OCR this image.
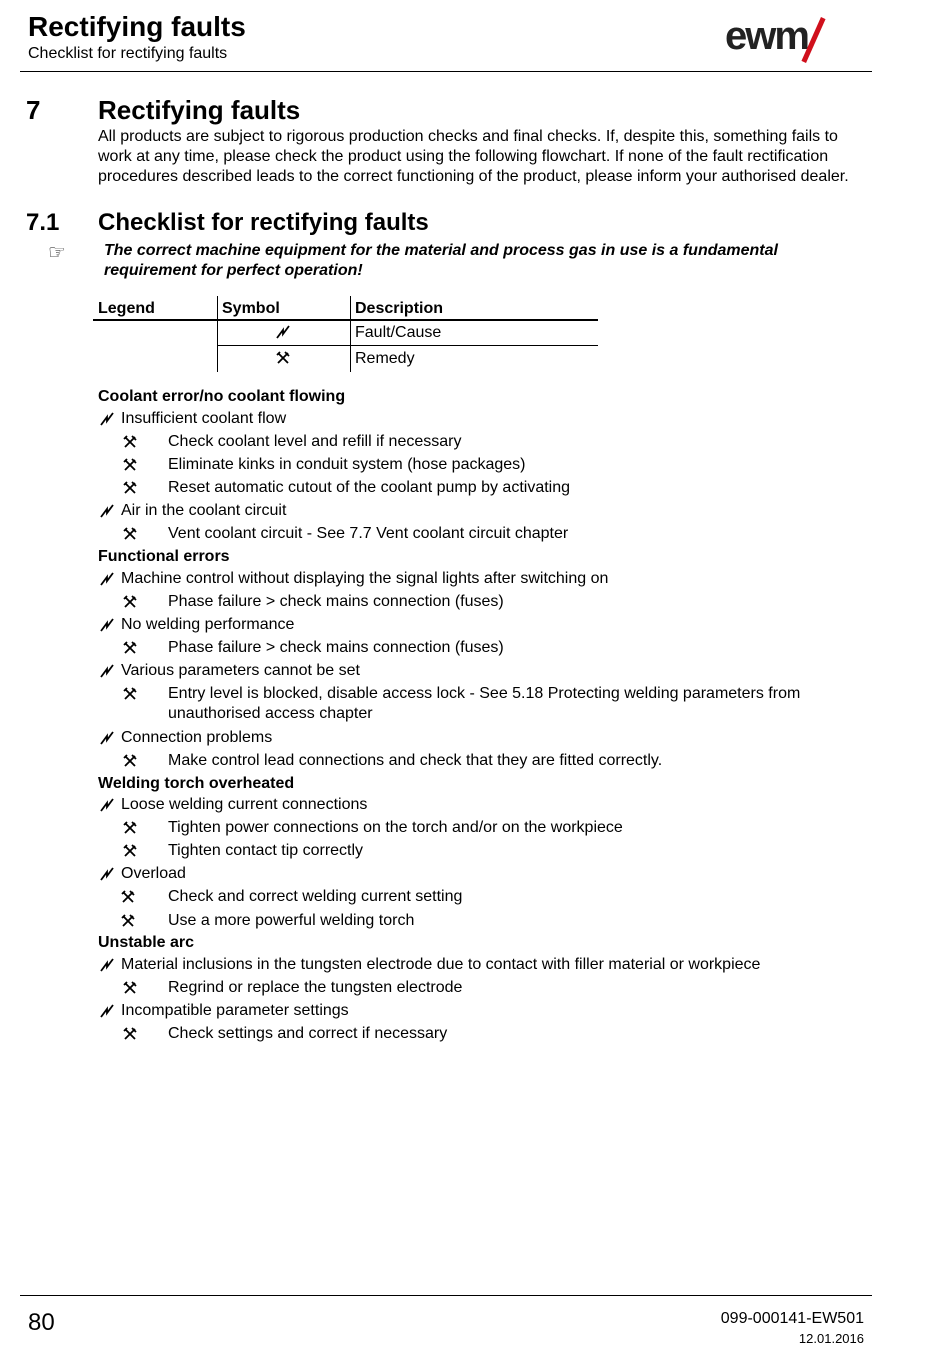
Rectifying faults
Checklist for rectifying faults	ewm
7 Rectifying faults
All products are subject to rigorous production checks and final checks. If, despite this, something fails to work at any time, please check the product using the following flowchart. If none of the fault rectification procedures described leads to the correct functioning of the product, please inform your authorised dealer.
7.1 Checklist for rectifying faults
☞ The correct machine equipment for the material and process gas in use is a fundamental requirement for perfect operation!
Legend	Symbol	Description
Fault/Cause
Remedy
Coolant error/no coolant flowing
Insufficient coolant flow
Check coolant level and refill if necessary
Eliminate kinks in conduit system (hose packages)
Reset automatic cutout of the coolant pump by activating
Air in the coolant circuit
Vent coolant circuit - See 7.7 Vent coolant circuit chapter
Functional errors
Machine control without displaying the signal lights after switching on
Phase failure > check mains connection (fuses)
No welding performance
Phase failure > check mains connection (fuses)
Various parameters cannot be set
Entry level is blocked, disable access lock - See 5.18 Protecting welding parameters from unauthorised access chapter
Connection problems
Make control lead connections and check that they are fitted correctly.
Welding torch overheated
Loose welding current connections
Tighten power connections on the torch and/or on the workpiece
Tighten contact tip correctly
Overload
Check and correct welding current setting
Use a more powerful welding torch
Unstable arc
Material inclusions in the tungsten electrode due to contact with filler material or workpiece
Regrind or replace the tungsten electrode
Incompatible parameter settings
Check settings and correct if necessary
80	099-000141-EW501
12.01.2016
